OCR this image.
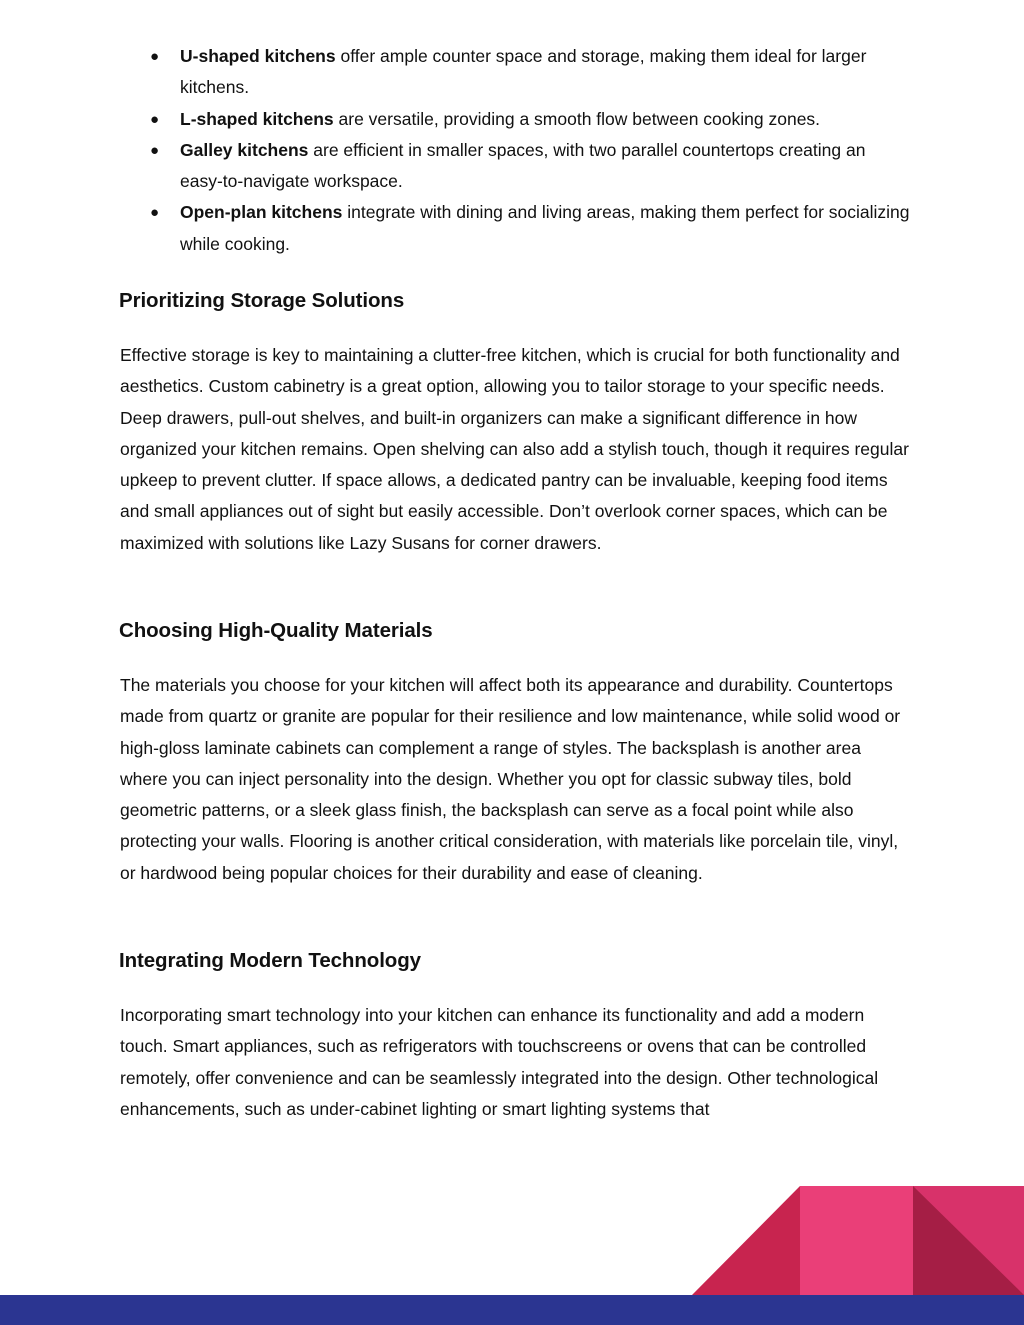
● U-shaped kitchens offer ample counter space and storage, making them ideal for larger kitchens.
● L-shaped kitchens are versatile, providing a smooth flow between cooking zones.
● Galley kitchens are efficient in smaller spaces, with two parallel countertops creating an easy-to-navigate workspace.
● Open-plan kitchens integrate with dining and living areas, making them perfect for socializing while cooking.
Prioritizing Storage Solutions

Effective storage is key to maintaining a clutter-free kitchen, which is crucial for both functionality and aesthetics. Custom cabinetry is a great option, allowing you to tailor storage to your specific needs. Deep drawers, pull-out shelves, and built-in organizers can make a significant difference in how organized your kitchen remains. Open shelving can also add a stylish touch, though it requires regular upkeep to prevent clutter. If space allows, a dedicated pantry can be invaluable, keeping food items and small appliances out of sight but easily accessible. Don’t overlook corner spaces, which can be maximized with solutions like Lazy Susans for corner drawers.

Choosing High-Quality Materials

The materials you choose for your kitchen will affect both its appearance and durability. Countertops made from quartz or granite are popular for their resilience and low maintenance, while solid wood or high-gloss laminate cabinets can complement a range of styles. The backsplash is another area where you can inject personality into the design. Whether you opt for classic subway tiles, bold geometric patterns, or a sleek glass finish, the backsplash can serve as a focal point while also protecting your walls. Flooring is another critical consideration, with materials like porcelain tile, vinyl, or hardwood being popular choices for their durability and ease of cleaning.

Integrating Modern Technology

Incorporating smart technology into your kitchen can enhance its functionality and add a modern touch. Smart appliances, such as refrigerators with touchscreens or ovens that can be controlled remotely, offer convenience and can be seamlessly integrated into the design. Other technological enhancements, such as under-cabinet lighting or smart lighting systems that
